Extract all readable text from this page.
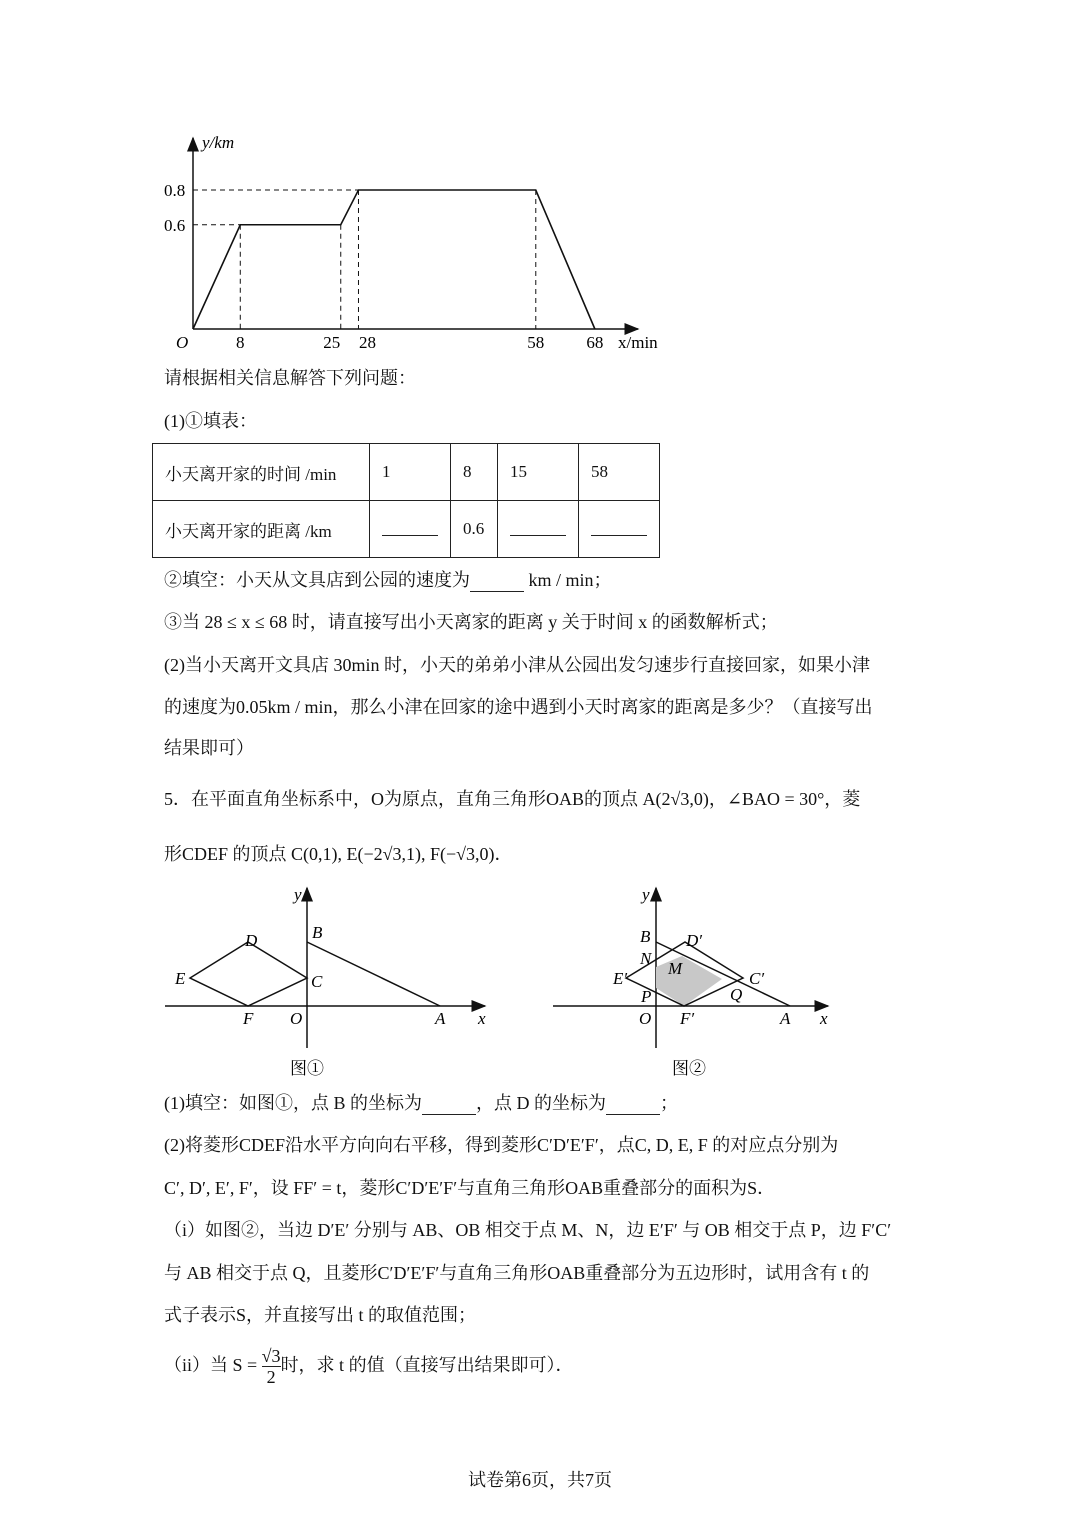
8	25 28	58 68
0.6
0.8
y/km
x/min
O
请根据相关信息解答下列问题：
(1)①填表：
小天离开家的时间 /min	1	8	15	58
小天离开家的距离 /km		0.6		
②填空：小天从文具店到公园的速度为	km / min；
③当 28 ≤ x ≤ 68 时，请直接写出小天离家的距离 y 关于时间 x 的函数解析式；
(2)当小天离开文具店 30min 时，小天的弟弟小津从公园出发匀速步行直接回家，如果小津
的速度为0.05km / min，那么小津在回家的途中遇到小天时离家的距离是多少？（直接写出
结果即可）
5．在平面直角坐标系中，O为原点，直角三角形OAB的顶点 A(2√3,0)，∠BAO = 30°，菱
形CDEF 的顶点 C(0,1), E(−2√3,1), F(−√3,0)．
y
x
B
D
E	C
F O	A
图①
y
x
B D′
N
M
E′	C′
P	Q
O F′	A
图②
(1)填空：如图①，点 B 的坐标为	，点 D 的坐标为	；
(2)将菱形CDEF沿水平方向向右平移，得到菱形C′D′E′F′，点C, D, E, F 的对应点分别为
C′, D′, E′, F′，设 FF′ = t，菱形C′D′E′F′与直角三角形OAB重叠部分的面积为S．
（i）如图②，当边 D′E′ 分别与 AB、OB 相交于点 M、N，边 E′F′ 与 OB 相交于点 P，边 F′C′
与 AB 相交于点 Q，且菱形C′D′E′F′与直角三角形OAB重叠部分为五边形时，试用含有 t 的
式子表示S，并直接写出 t 的取值范围；
（ii）当 $S = \frac{√3}{2}$ 时，求 t 的值（直接写出结果即可）．
试卷第6页，共7页
